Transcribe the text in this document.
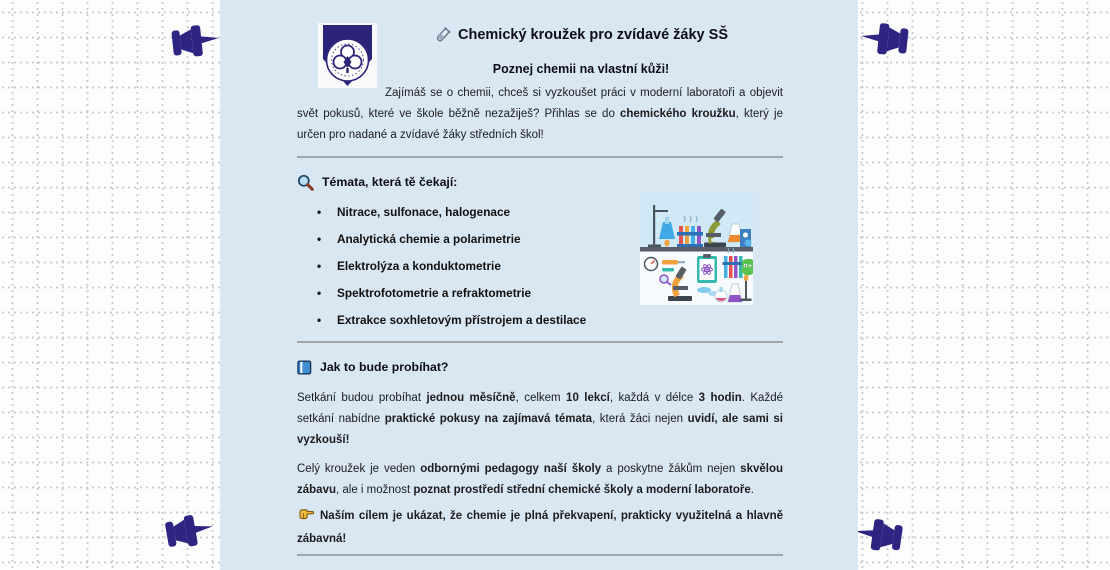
Chemický kroužek pro zvídavé žáky SŠ
Poznej chemii na vlastní kůži!

Zajímáš se o chemii, chceš si vyzkoušet práci v moderní laboratoři a objevit svět pokusů, které ve škole běžně nezažiješ? Přihlas se do chemického kroužku, který je určen pro nadané a zvídavé žáky středních škol!

Témata, která tě čekají:
•	Nitrace, sulfonace, halogenace
•	Analytická chemie a polarimetrie
•	Elektrolýza a konduktometrie
•	Spektrofotometrie a refraktometrie
•	Extrakce soxhletovým přístrojem a destilace
Jak to bude probíhat?

Setkání budou probíhat jednou měsíčně, celkem 10 lekcí, každá v délce 3 hodin. Každé setkání nabídne praktické pokusy na zajímavá témata, která žáci nejen uvidí, ale sami si vyzkouší!

Celý kroužek je veden odbornými pedagogy naší školy a poskytne žákům nejen skvělou zábavu, ale i možnost poznat prostředí střední chemické školy a moderní laboratoře.

Naším cílem je ukázat, že chemie je plná překvapení, prakticky využitelná a hlavně zábavná!
